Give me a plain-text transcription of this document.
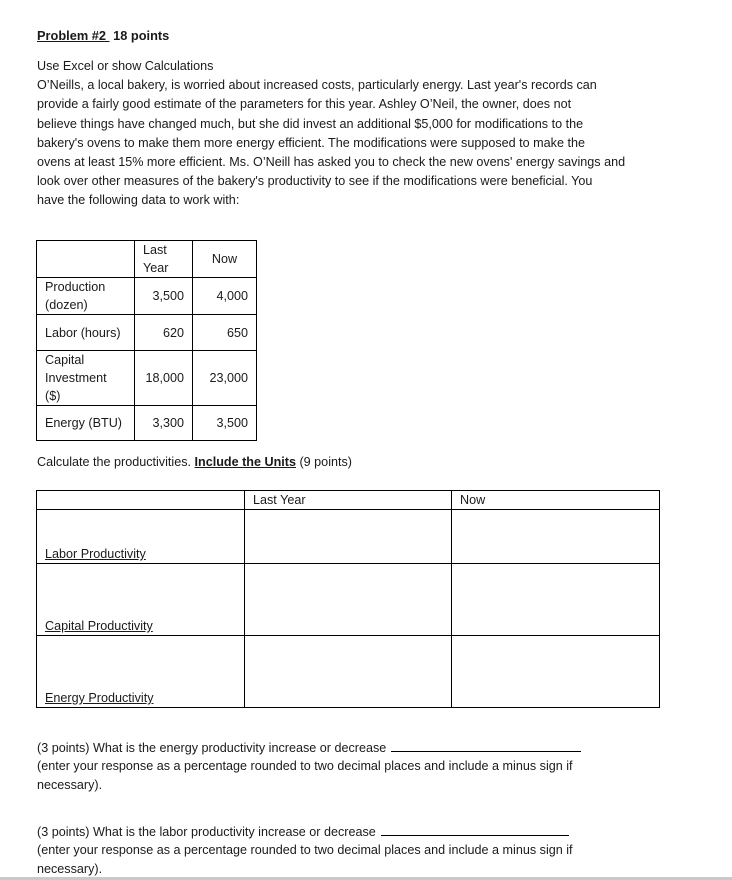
Problem #2 18 points
Use Excel or show Calculations
O’Neills, a local bakery, is worried about increased costs, particularly energy. Last year's records can
provide a fairly good estimate of the parameters for this year. Ashley O’Neil, the owner, does not
believe things have changed much, but she did invest an additional $5,000 for modifications to the
bakery's ovens to make them more energy efficient. The modifications were supposed to make the
ovens at least 15% more efficient. Ms. O’Neill has asked you to check the new ovens' energy savings and
look over other measures of the bakery's productivity to see if the modifications were beneficial. You
have the following data to work with:

	Last
Year	Now

Production
(dozen)	3,500	4,000
Labor (hours)	620	650

Capital
Investment
($)	18,000	23,000
Energy (BTU)	3,300	3,500
Calculate the productivities. Include the Units (9 points)
	Last Year	Now
Labor Productivity		
Capital Productivity		
Energy Productivity		
(3 points) What is the energy productivity increase or decrease
(enter your response as a percentage rounded to two decimal places and include a minus sign if
necessary).
(3 points) What is the labor productivity increase or decrease
(enter your response as a percentage rounded to two decimal places and include a minus sign if
necessary).
